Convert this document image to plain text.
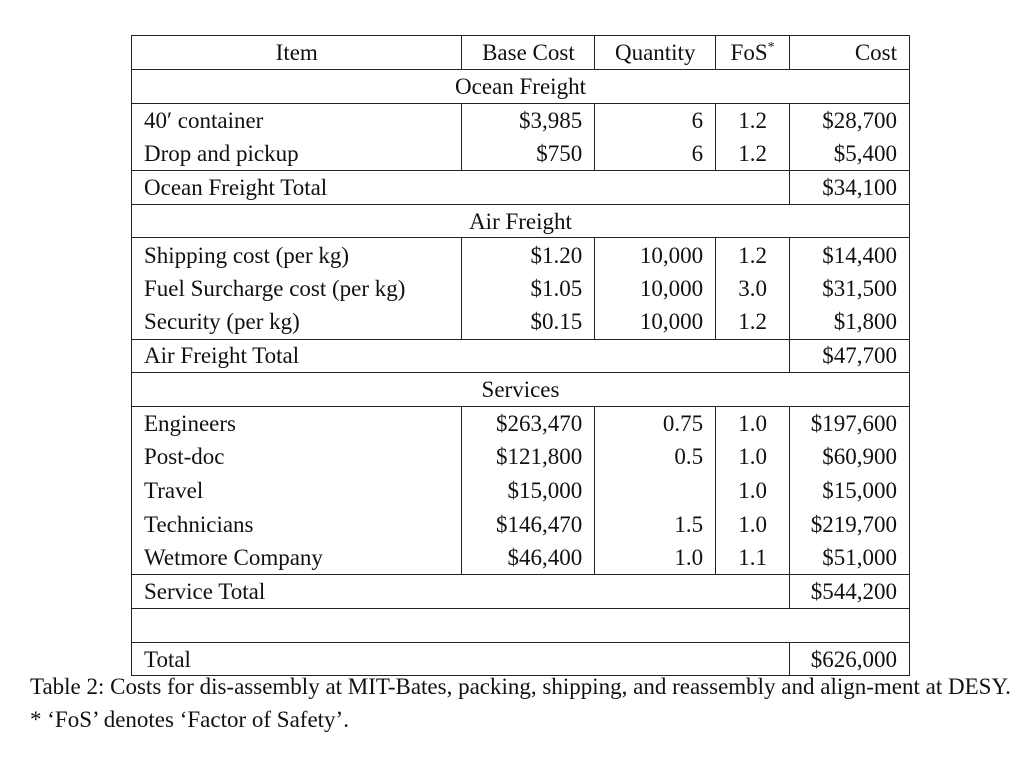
Item	Base Cost	Quantity	FoS*	Cost
Ocean Freight				
40′ container	$3,985	6	1.2	$28,700
Drop and pickup	$750	6	1.2	$5,400
Ocean Freight Total				$34,100
Air Freight				
Shipping cost (per kg)	$1.20	10,000	1.2	$14,400
Fuel Surcharge cost (per kg)	$1.05	10,000	3.0	$31,500
Security (per kg)	$0.15	10,000	1.2	$1,800
Air Freight Total				$47,700
Services				
Engineers	$263,470	0.75	1.0	$197,600
Post-doc	$121,800	0.5	1.0	$60,900
Travel	$15,000		1.0	$15,000
Technicians	$146,470	1.5	1.0	$219,700
Wetmore Company	$46,400	1.0	1.1	$51,000
Service Total				$544,200

Total				$626,000

Table 2: Costs for dis-assembly at MIT-Bates, packing, shipping, and reassembly and align-ment at DESY. * ‘FoS’ denotes ‘Factor of Safety’.
